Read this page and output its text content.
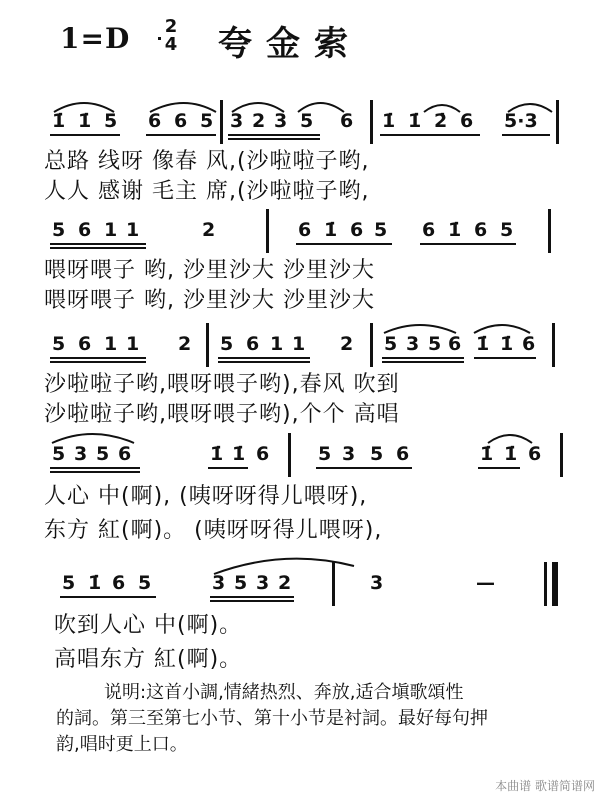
1=D	2
4 夸金索
1̇ 1̇ 5 6 6 5 3 2 3 5 6 1̇ 1̇ 2̇ 6 5·3
总路 线呀 像春 风,(沙啦啦子哟,
人人 感谢 毛主 席,(沙啦啦子哟,
5 6 1 1	2	6 1̇ 6 5 6 1̇ 6 5
喂呀喂子 哟, 沙里沙大 沙里沙大
喂呀喂子 哟, 沙里沙大 沙里沙大
5 6 1 1 2 5 6 1 1 2 5 3 5 6 1̇ 1̇ 6
沙啦啦子哟,喂呀喂子哟),春风 吹到
沙啦啦子哟,喂呀喂子哟),个个 高唱
5 3 5 6	1̇ 1̇ 6	5 3 5 6	1̇ 1̇ 6
人心 中(啊), (咦呀呀得儿喂呀),
东方 紅(啊)。 (咦呀呀得儿喂呀),
5 1̇ 6 5	3 5 3 2	3	—
吹到人心 中(啊)。
高唱东方 紅(啊)。
说明:这首小調,情緒热烈、奔放,适合塡歌頌性
的詞。第三至第七小节、第十小节是衬詞。最好每句押
韵,唱时更上口。
本曲谱 歌谱简谱网
